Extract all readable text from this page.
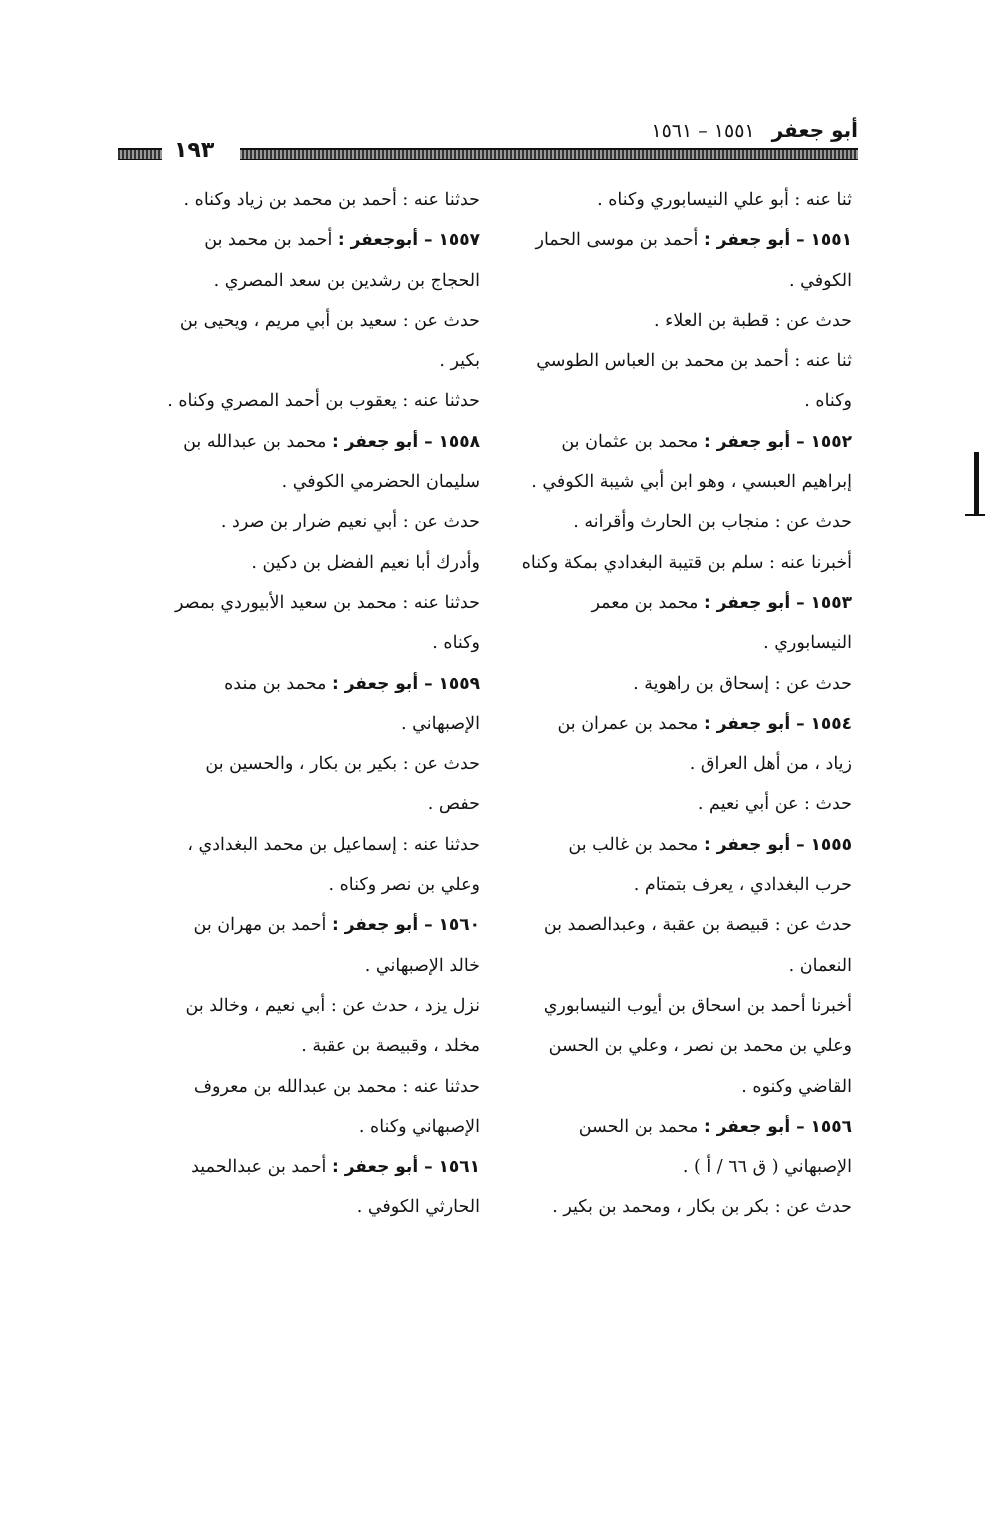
أبو جعفر ١٥٥١ – ١٥٦١
١٩٣
ثنا عنه : أبو علي النيسابوري وكناه .
١٥٥١ – أبو جعفر : أحمد بن موسى الحمار
الكوفي .
حدث عن : قطبة بن العلاء .
ثنا عنه : أحمد بن محمد بن العباس الطوسي
وكناه .
١٥٥٢ – أبو جعفر : محمد بن عثمان بن
إبراهيم العبسي ، وهو ابن أبي شيبة الكوفي .
حدث عن : منجاب بن الحارث وأقرانه .
أخبرنا عنه : سلم بن قتيبة البغدادي بمكة وكناه
١٥٥٣ – أبو جعفر : محمد بن معمر
النيسابوري .
حدث عن : إسحاق بن راهوية .
١٥٥٤ – أبو جعفر : محمد بن عمران بن
زياد ، من أهل العراق .
حدث : عن أبي نعيم .
١٥٥٥ – أبو جعفر : محمد بن غالب بن
حرب البغدادي ، يعرف بتمتام .
حدث عن : قبيصة بن عقبة ، وعبدالصمد بن
النعمان .
أخبرنا أحمد بن اسحاق بن أيوب النيسابوري
وعلي بن محمد بن نصر ، وعلي بن الحسن
القاضي وكنوه .
١٥٥٦ – أبو جعفر : محمد بن الحسن
الإصبهاني ( ق ٦٦ / أ ) .
حدث عن : بكر بن بكار ، ومحمد بن بكير .
حدثنا عنه : أحمد بن محمد بن زياد وكناه .
١٥٥٧ – أبوجعفر : أحمد بن محمد بن
الحجاج بن رشدين بن سعد المصري .
حدث عن : سعيد بن أبي مريم ، ويحيى بن
بكير .
حدثنا عنه : يعقوب بن أحمد المصري وكناه .
١٥٥٨ – أبو جعفر : محمد بن عبدالله بن
سليمان الحضرمي الكوفي .
حدث عن : أبي نعيم ضرار بن صرد .
وأدرك أبا نعيم الفضل بن دكين .
حدثنا عنه : محمد بن سعيد الأبيوردي بمصر
وكناه .
١٥٥٩ – أبو جعفر : محمد بن منده
الإصبهاني .
حدث عن : بكير بن بكار ، والحسين بن
حفص .
حدثنا عنه : إسماعيل بن محمد البغدادي ،
وعلي بن نصر وكناه .
١٥٦٠ – أبو جعفر : أحمد بن مهران بن
خالد الإصبهاني .
نزل يزد ، حدث عن : أبي نعيم ، وخالد بن
مخلد ، وقبيصة بن عقبة .
حدثنا عنه : محمد بن عبدالله بن معروف
الإصبهاني وكناه .
١٥٦١ – أبو جعفر : أحمد بن عبدالحميد
الحارثي الكوفي .
